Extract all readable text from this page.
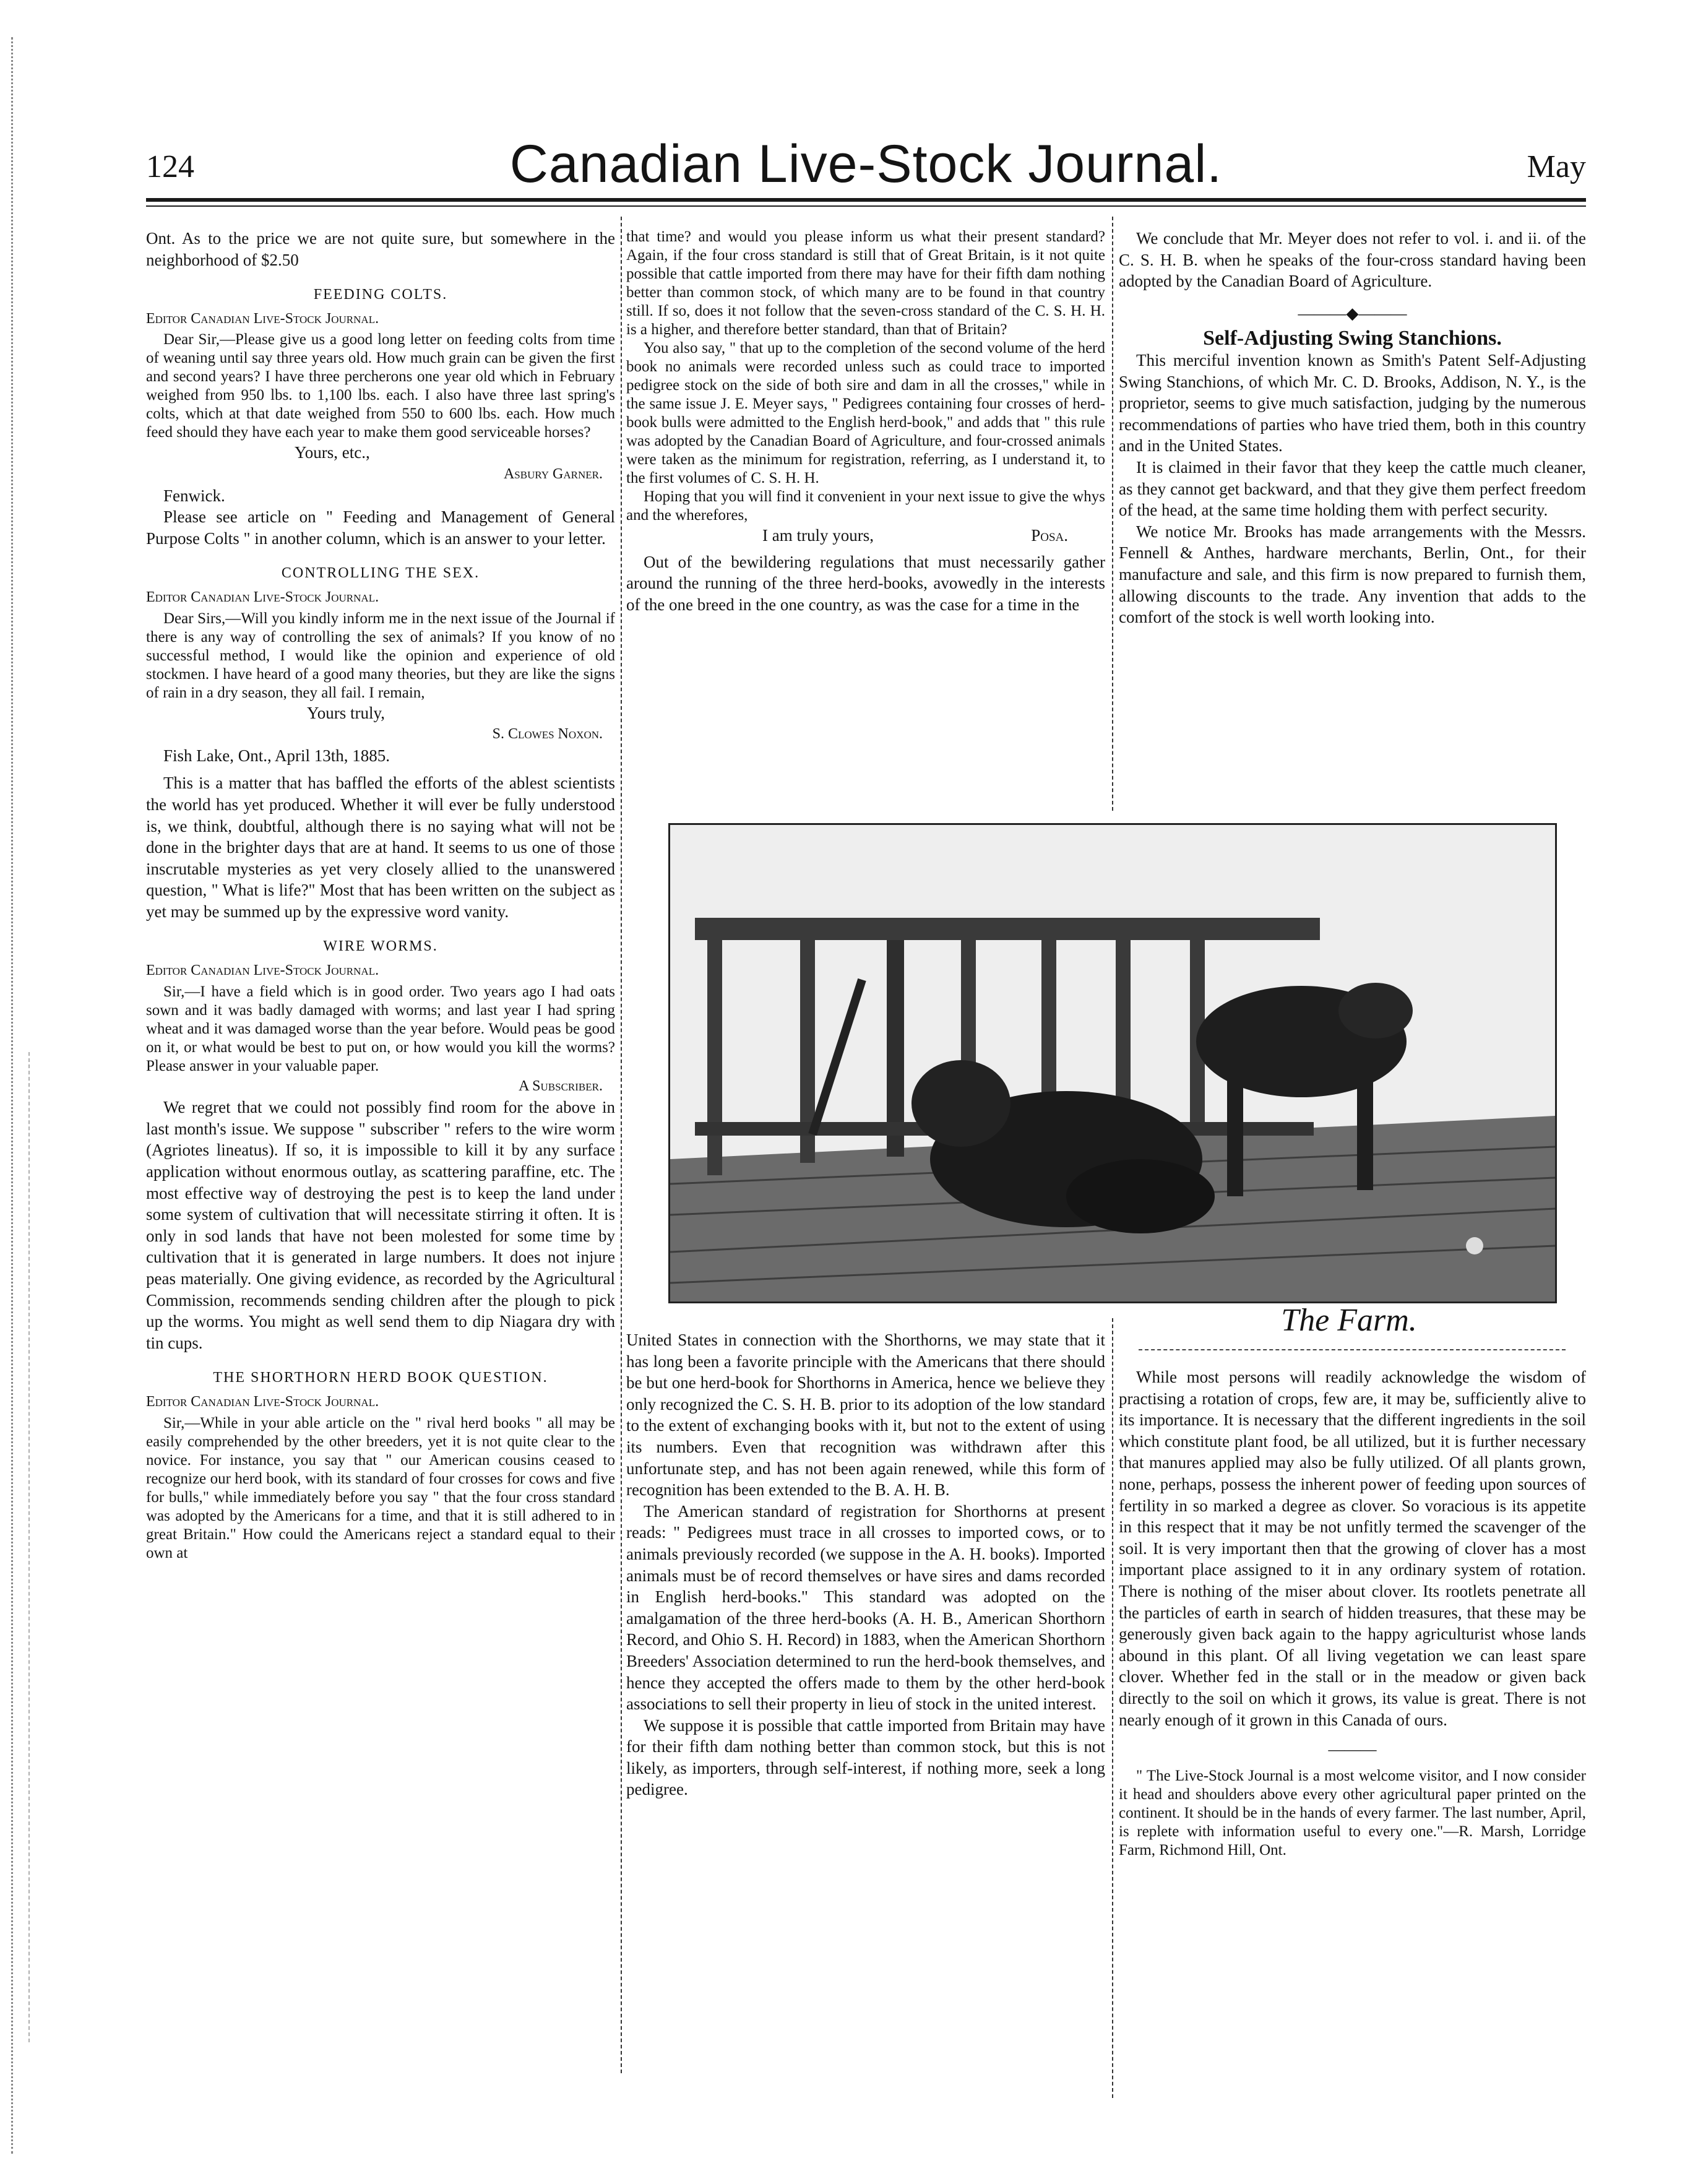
124	Canadian Live-Stock Journal.	May

Ont. As to the price we are not quite sure, but somewhere in the neighborhood of $2.50

FEEDING COLTS.

Editor Canadian Live-Stock Journal.

Dear Sir,—Please give us a good long letter on feeding colts from time of weaning until say three years old. How much grain can be given the first and second years? I have three percherons one year old which in February weighed from 950 lbs. to 1,100 lbs. each. I also have three last spring's colts, which at that date weighed from 550 to 600 lbs. each. How much feed should they have each year to make them good serviceable horses?

Yours, etc.,
Asbury Garner.

Fenwick.

Please see article on " Feeding and Management of General Purpose Colts " in another column, which is an answer to your letter.

CONTROLLING THE SEX.

Editor Canadian Live-Stock Journal.

Dear Sirs,—Will you kindly inform me in the next issue of the Journal if there is any way of controlling the sex of animals? If you know of no successful method, I would like the opinion and experience of old stockmen. I have heard of a good many theories, but they are like the signs of rain in a dry season, they all fail. I remain,

Yours truly,
S. Clowes Noxon.

Fish Lake, Ont., April 13th, 1885.

This is a matter that has baffled the efforts of the ablest scientists the world has yet produced. Whether it will ever be fully understood is, we think, doubtful, although there is no saying what will not be done in the brighter days that are at hand. It seems to us one of those inscrutable mysteries as yet very closely allied to the unanswered question, " What is life?" Most that has been written on the subject as yet may be summed up by the expressive word vanity.

WIRE WORMS.

Editor Canadian Live-Stock Journal.

Sir,—I have a field which is in good order. Two years ago I had oats sown and it was badly damaged with worms; and last year I had spring wheat and it was damaged worse than the year before. Would peas be good on it, or what would be best to put on, or how would you kill the worms? Please answer in your valuable paper.

A Subscriber.

We regret that we could not possibly find room for the above in last month's issue. We suppose " subscriber " refers to the wire worm (Agriotes lineatus). If so, it is impossible to kill it by any surface application without enormous outlay, as scattering paraffine, etc. The most effective way of destroying the pest is to keep the land under some system of cultivation that will necessitate stirring it often. It is only in sod lands that have not been molested for some time by cultivation that it is generated in large numbers. It does not injure peas materially. One giving evidence, as recorded by the Agricultural Commission, recommends sending children after the plough to pick up the worms. You might as well send them to dip Niagara dry with tin cups.

THE SHORTHORN HERD BOOK QUESTION.

Editor Canadian Live-Stock Journal.

Sir,—While in your able article on the " rival herd books " all may be easily comprehended by the other breeders, yet it is not quite clear to the novice. For instance, you say that " our American cousins ceased to recognize our herd book, with its standard of four crosses for cows and five for bulls," while immediately before you say " that the four cross standard was adopted by the Americans for a time, and that it is still adhered to in great Britain." How could the Americans reject a standard equal to their own at

that time? and would you please inform us what their present standard? Again, if the four cross standard is still that of Great Britain, is it not quite possible that cattle imported from there may have for their fifth dam nothing better than common stock, of which many are to be found in that country still. If so, does it not follow that the seven-cross standard of the C. S. H. H. is a higher, and therefore better standard, than that of Britain?

You also say, " that up to the completion of the second volume of the herd book no animals were recorded unless such as could trace to imported pedigree stock on the side of both sire and dam in all the crosses," while in the same issue J. E. Meyer says, " Pedigrees containing four crosses of herd-book bulls were admitted to the English herd-book," and adds that " this rule was adopted by the Canadian Board of Agriculture, and four-crossed animals were taken as the minimum for registration, referring, as I understand it, to the first volumes of C. S. H. H.

Hoping that you will find it convenient in your next issue to give the whys and the wherefores,

I am truly yours,	Posa.

Out of the bewildering regulations that must necessarily gather around the running of the three herd-books, avowedly in the interests of the one breed in the one country, as was the case for a time in the

We conclude that Mr. Meyer does not refer to vol. i. and ii. of the C. S. H. B. when he speaks of the four-cross standard having been adopted by the Canadian Board of Agriculture.

———◆———

Self-Adjusting Swing Stanchions.

This merciful invention known as Smith's Patent Self-Adjusting Swing Stanchions, of which Mr. C. D. Brooks, Addison, N. Y., is the proprietor, seems to give much satisfaction, judging by the numerous recommendations of parties who have tried them, both in this country and in the United States.

It is claimed in their favor that they keep the cattle much cleaner, as they cannot get backward, and that they give them perfect freedom of the head, at the same time holding them with perfect security.

We notice Mr. Brooks has made arrangements with the Messrs. Fennell & Anthes, hardware merchants, Berlin, Ont., for their manufacture and sale, and this firm is now prepared to furnish them, allowing discounts to the trade. Any invention that adds to the comfort of the stock is well worth looking into.

United States in connection with the Shorthorns, we may state that it has long been a favorite principle with the Americans that there should be but one herd-book for Shorthorns in America, hence we believe they only recognized the C. S. H. B. prior to its adoption of the low standard to the extent of exchanging books with it, but not to the extent of using its numbers. Even that recognition was withdrawn after this unfortunate step, and has not been again renewed, while this form of recognition has been extended to the B. A. H. B.

The American standard of registration for Shorthorns at present reads: " Pedigrees must trace in all crosses to imported cows, or to animals previously recorded (we suppose in the A. H. books). Imported animals must be of record themselves or have sires and dams recorded in English herd-books." This standard was adopted on the amalgamation of the three herd-books (A. H. B., American Shorthorn Record, and Ohio S. H. Record) in 1883, when the American Shorthorn Breeders' Association determined to run the herd-book themselves, and hence they accepted the offers made to them by the other herd-book associations to sell their property in lieu of stock in the united interest.

We suppose it is possible that cattle imported from Britain may have for their fifth dam nothing better than common stock, but this is not likely, as importers, through self-interest, if nothing more, seek a long pedigree.

The Farm.

While most persons will readily acknowledge the wisdom of practising a rotation of crops, few are, it may be, sufficiently alive to its importance. It is necessary that the different ingredients in the soil which constitute plant food, be all utilized, but it is further necessary that manures applied may also be fully utilized. Of all plants grown, none, perhaps, possess the inherent power of feeding upon sources of fertility in so marked a degree as clover. So voracious is its appetite in this respect that it may be not unfitly termed the scavenger of the soil. It is very important then that the growing of clover has a most important place assigned to it in any ordinary system of rotation. There is nothing of the miser about clover. Its rootlets penetrate all the particles of earth in search of hidden treasures, that these may be generously given back again to the happy agriculturist whose lands abound in this plant. Of all living vegetation we can least spare clover. Whether fed in the stall or in the meadow or given back directly to the soil on which it grows, its value is great. There is not nearly enough of it grown in this Canada of ours.

———

" The Live-Stock Journal is a most welcome visitor, and I now consider it head and shoulders above every other agricultural paper printed on the continent. It should be in the hands of every farmer. The last number, April, is replete with information useful to every one."—R. Marsh, Lorridge Farm, Richmond Hill, Ont.
